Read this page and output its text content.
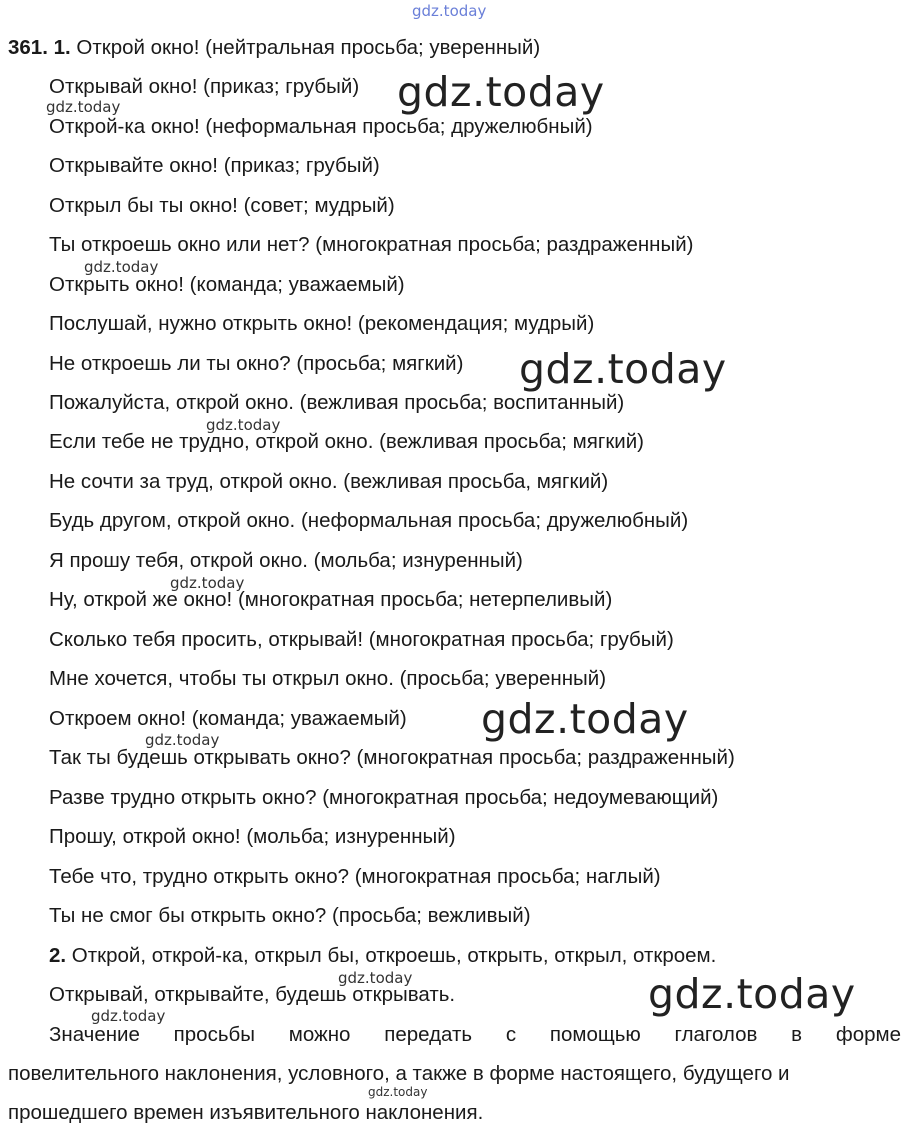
gdz.today
361. 1. Открой окно! (нейтральная просьба; уверенный)
Открывай окно! (приказ; грубый)
Открой-ка окно! (неформальная просьба; дружелюбный)
Открывайте окно! (приказ; грубый)
Открыл бы ты окно! (совет; мудрый)
Ты откроешь окно или нет? (многократная просьба; раздраженный)
Открыть окно! (команда; уважаемый)
Послушай, нужно открыть окно! (рекомендация; мудрый)
Не откроешь ли ты окно? (просьба; мягкий)
Пожалуйста, открой окно. (вежливая просьба; воспитанный)
Если тебе не трудно, открой окно. (вежливая просьба; мягкий)
Не сочти за труд, открой окно. (вежливая просьба, мягкий)
Будь другом, открой окно. (неформальная просьба; дружелюбный)
Я прошу тебя, открой окно. (мольба; изнуренный)
Ну, открой же окно! (многократная просьба; нетерпеливый)
Сколько тебя просить, открывай! (многократная просьба; грубый)
Мне хочется, чтобы ты открыл окно. (просьба; уверенный)
Откроем окно! (команда; уважаемый)
Так ты будешь открывать окно? (многократная просьба; раздраженный)
Разве трудно открыть окно? (многократная просьба; недоумевающий)
Прошу, открой окно! (мольба; изнуренный)
Тебе что, трудно открыть окно? (многократная просьба; наглый)
Ты не смог бы открыть окно? (просьба; вежливый)
2. Открой, открой-ка, открыл бы, откроешь, открыть, открыл, откроем.
Открывай, открывайте, будешь открывать.
Значение просьбы можно передать с помощью глаголов в форме
повелительного наклонения, условного, а также в форме настоящего, будущего и
прошедшего времен изъявительного наклонения.
gdz.today
gdz.today
gdz.today
gdz.today
gdz.today
gdz.today
gdz.today
gdz.today
gdz.today	gdz.today
gdz.today
gdz.today
